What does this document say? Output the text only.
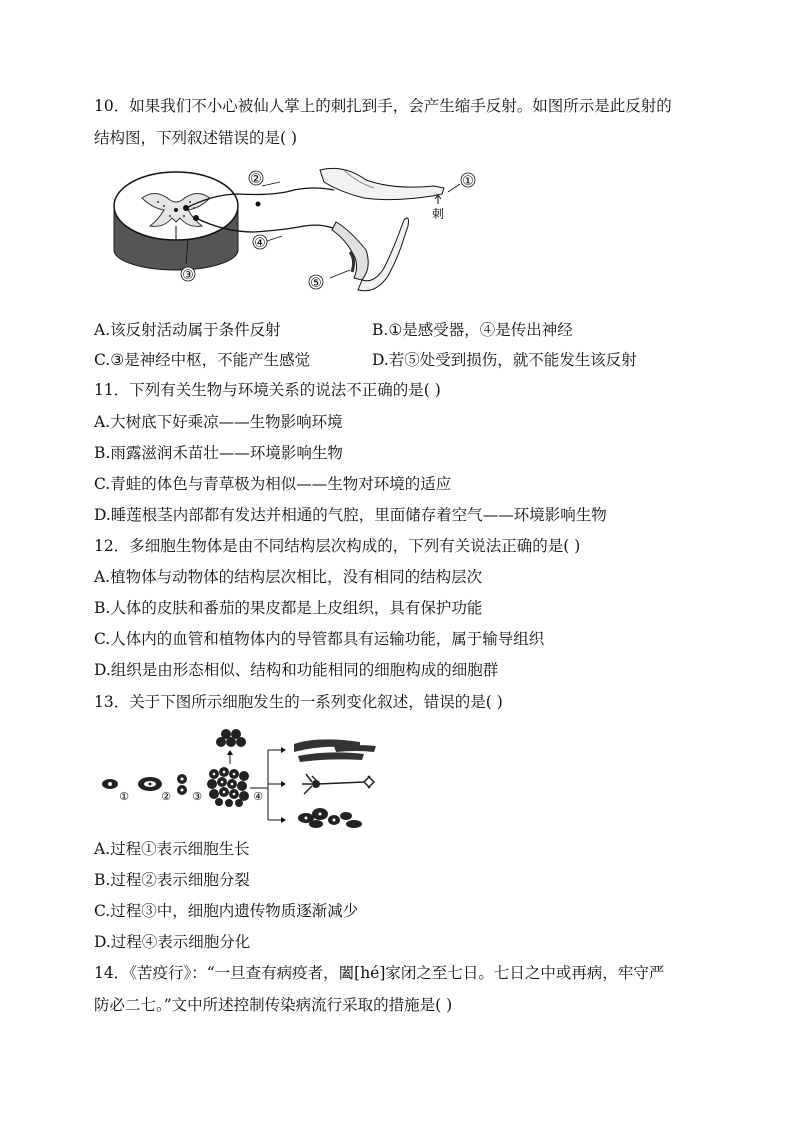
10．如果我们不小心被仙人掌上的刺扎到手，会产生缩手反射。如图所示是此反射的
结构图，下列叙述错误的是( )
②	①
刺
④
③
⑤
A.该反射活动属于条件反射	B.①是感受器，④是传出神经
C.③是神经中枢，不能产生感觉	D.若⑤处受到损伤，就不能发生该反射
11．下列有关生物与环境关系的说法不正确的是( )
A.大树底下好乘凉——生物影响环境
B.雨露滋润禾苗壮——环境影响生物
C.青蛙的体色与青草极为相似——生物对环境的适应
D.睡莲根茎内部都有发达并相通的气腔，里面储存着空气——环境影响生物
12．多细胞生物体是由不同结构层次构成的，下列有关说法正确的是( )
A.植物体与动物体的结构层次相比，没有相同的结构层次
B.人体的皮肤和番茄的果皮都是上皮组织，具有保护功能
C.人体内的血管和植物体内的导管都具有运输功能，属于输导组织
D.组织是由形态相似、结构和功能相同的细胞构成的细胞群
13．关于下图所示细胞发生的一系列变化叙述，错误的是( )
①	② ③	④
A.过程①表示细胞生长
B.过程②表示细胞分裂
C.过程③中，细胞内遗传物质逐渐减少
D.过程④表示细胞分化
14．《苦疫行》：“一旦查有病疫者，闔[hé]家闭之至七日。七日之中或再病，牢守严
防必二七。”文中所述控制传染病流行采取的措施是( )
